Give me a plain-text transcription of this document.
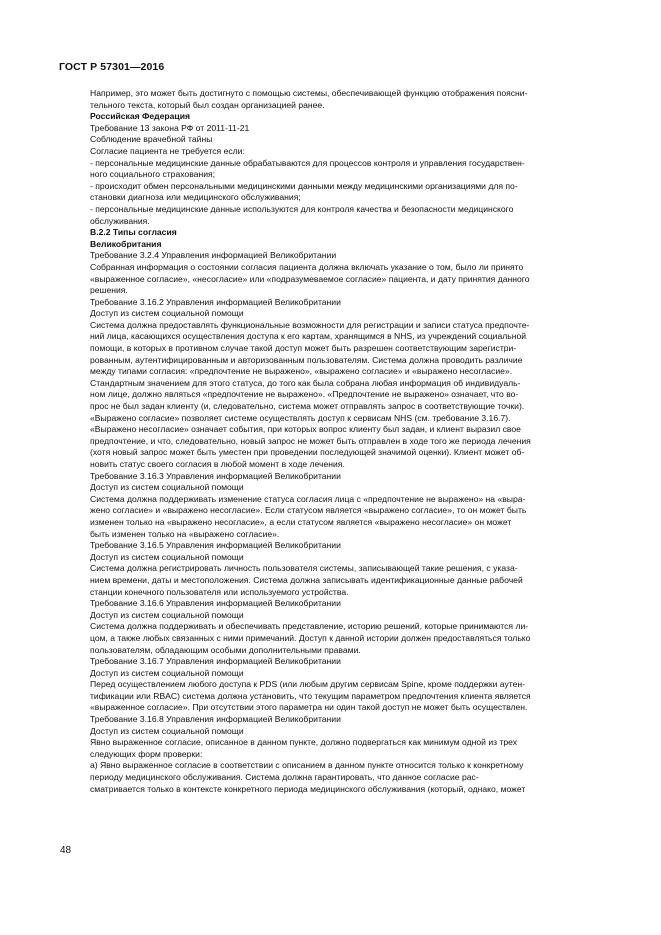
ГОСТ Р 57301—2016

Например, это может быть достигнуто с помощью системы, обеспечивающей функцию отображения поясни-

тельного текста, который был создан организацией ранее.

Российская Федерация

Требование 13 закона РФ от 2011-11-21

Соблюдение врачебной тайны

Согласие пациента не требуется если:

- персональные медицинские данные обрабатываются для процессов контроля и управления государствен-

ного социального страхования;

- происходит обмен персональными медицинскими данными между медицинскими организациями для по-

становки диагноза или медицинского обслуживания;

- персональные медицинские данные используются для контроля качества и безопасности медицинского

обслуживания.

В.2.2 Типы согласия

Великобритания

Требование 3.2.4 Управления информацией Великобритании

Собранная информация о состоянии согласия пациента должна включать указание о том, было ли принято

«выраженное согласие», «несогласие» или «подразумеваемое согласие» пациента, и дату принятия данного

решения.

Требование 3.16.2 Управления информацией Великобритании

Доступ из систем социальной помощи

Система должна предоставлять функциональные возможности для регистрации и записи статуса предпочте-

ний лица, касающихся осуществления доступа к его картам, хранящимся в NHS, из учреждений социальной

помощи, в которых в противном случае такой доступ может быть разрешен соответствующим зарегистри-

рованным, аутентифицированным и авторизованным пользователям. Система должна проводить различие

между типами согласия: «предпочтение не выражено», «выражено согласие» и «выражено несогласие».

Стандартным значением для этого статуса, до того как была собрана любая информация об индивидуаль-

ном лице, должно являться «предпочтение не выражено». «Предпочтение не выражено» означает, что во-

прос не был задан клиенту (и, следовательно, система может отправлять запрос в соответствующие точки).

«Выражено согласие» позволяет системе осуществлять доступ к сервисам NHS (см. требование 3.16.7).

«Выражено несогласие» означает события, при которых вопрос клиенту был задан, и клиент выразил свое

предпочтение, и что, следовательно, новый запрос не может быть отправлен в ходе того же периода лечения

(хотя новый запрос может быть уместен при проведении последующей значимой оценки). Клиент может об-

новить статус своего согласия в любой момент в ходе лечения.

Требование 3.16.3 Управления информацией Великобритании

Доступ из систем социальной помощи

Система должна поддерживать изменение статуса согласия лица с «предпочтение не выражено» на «выра-

жено согласие» и «выражено несогласие». Если статусом является «выражено согласие», то он может быть

изменен только на «выражено несогласие», а если статусом является «выражено несогласие» он может

быть изменен только на «выражено согласие».

Требование 3.16.5 Управления информацией Великобритании

Доступ из систем социальной помощи

Система должна регистрировать личность пользователя системы, записывающей такие решения, с указа-

нием времени, даты и местоположения. Система должна записывать идентификационные данные рабочей

станции конечного пользователя или используемого устройства.

Требование 3.16.6 Управления информацией Великобритании

Доступ из систем социальной помощи

Система должна поддерживать и обеспечивать представление, историю решений, которые принимаются ли-

цом, а также любых связанных с ними примечаний. Доступ к данной истории должен предоставляться только

пользователям, обладающим особыми дополнительными правами.

Требование 3.16.7 Управления информацией Великобритании

Доступ из систем социальной помощи

Перед осуществлением любого доступа к PDS (или любым другим сервисам Spine, кроме поддержки аутен-

тификации или RBAC) система должна установить, что текущим параметром предпочтения клиента является

«выраженное согласие». При отсутствии этого параметра ни один такой доступ не может быть осуществлен.

Требование 3.16.8 Управления информацией Великобритании

Доступ из систем социальной помощи

Явно выраженное согласие, описанное в данном пункте, должно подвергаться как минимум одной из трех

следующих форм проверки:

а) Явно выраженное согласие в соответствии с описанием в данном пункте относится только к конкретному

периоду медицинского обслуживания. Система должна гарантировать, что данное согласие рас-

сматривается только в контексте конкретного периода медицинского обслуживания (который, однако, может

48
